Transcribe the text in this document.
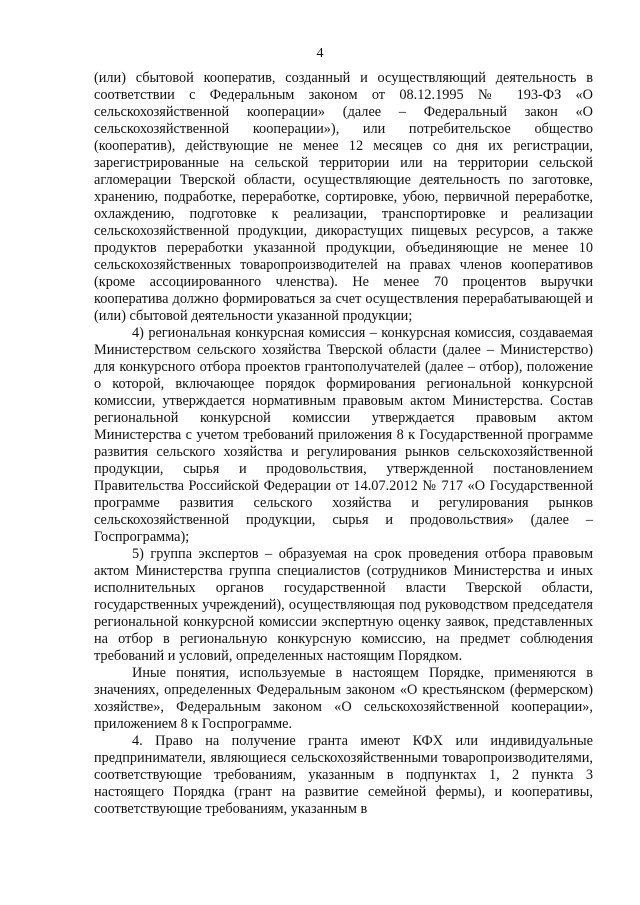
4

(или) сбытовой кооператив, созданный и осуществляющий деятельность в соответствии с Федеральным законом от 08.12.1995 № 193-ФЗ «О сельскохозяйственной кооперации» (далее – Федеральный закон «О сельскохозяйственной кооперации»), или потребительское общество (кооператив), действующие не менее 12 месяцев со дня их регистрации, зарегистрированные на сельской территории или на территории сельской агломерации Тверской области, осуществляющие деятельность по заготовке, хранению, подработке, переработке, сортировке, убою, первичной переработке, охлаждению, подготовке к реализации, транспортировке и реализации сельскохозяйственной продукции, дикорастущих пищевых ресурсов, а также продуктов переработки указанной продукции, объединяющие не менее 10 сельскохозяйственных товаропроизводителей на правах членов кооперативов (кроме ассоциированного членства). Не менее 70 процентов выручки кооператива должно формироваться за счет осуществления перерабатывающей и (или) сбытовой деятельности указанной продукции;

4) региональная конкурсная комиссия – конкурсная комиссия, создаваемая Министерством сельского хозяйства Тверской области (далее – Министерство) для конкурсного отбора проектов грантополучателей (далее – отбор), положение о которой, включающее порядок формирования региональной конкурсной комиссии, утверждается нормативным правовым актом Министерства. Состав региональной конкурсной комиссии утверждается правовым актом Министерства с учетом требований приложения 8 к Государственной программе развития сельского хозяйства и регулирования рынков сельскохозяйственной продукции, сырья и продовольствия, утвержденной постановлением Правительства Российской Федерации от 14.07.2012 № 717 «О Государственной программе развития сельского хозяйства и регулирования рынков сельскохозяйственной продукции, сырья и продовольствия» (далее – Госпрограмма);

5) группа экспертов – образуемая на срок проведения отбора правовым актом Министерства группа специалистов (сотрудников Министерства и иных исполнительных органов государственной власти Тверской области, государственных учреждений), осуществляющая под руководством председателя региональной конкурсной комиссии экспертную оценку заявок, представленных на отбор в региональную конкурсную комиссию, на предмет соблюдения требований и условий, определенных настоящим Порядком.

Иные понятия, используемые в настоящем Порядке, применяются в значениях, определенных Федеральным законом «О крестьянском (фермерском) хозяйстве», Федеральным законом «О сельскохозяйственной кооперации», приложением 8 к Госпрограмме.

4. Право на получение гранта имеют КФХ или индивидуальные предприниматели, являющиеся сельскохозяйственными товаропроизводителями, соответствующие требованиям, указанным в подпунктах 1, 2 пункта 3 настоящего Порядка (грант на развитие семейной фермы), и кооперативы, соответствующие требованиям, указанным в
